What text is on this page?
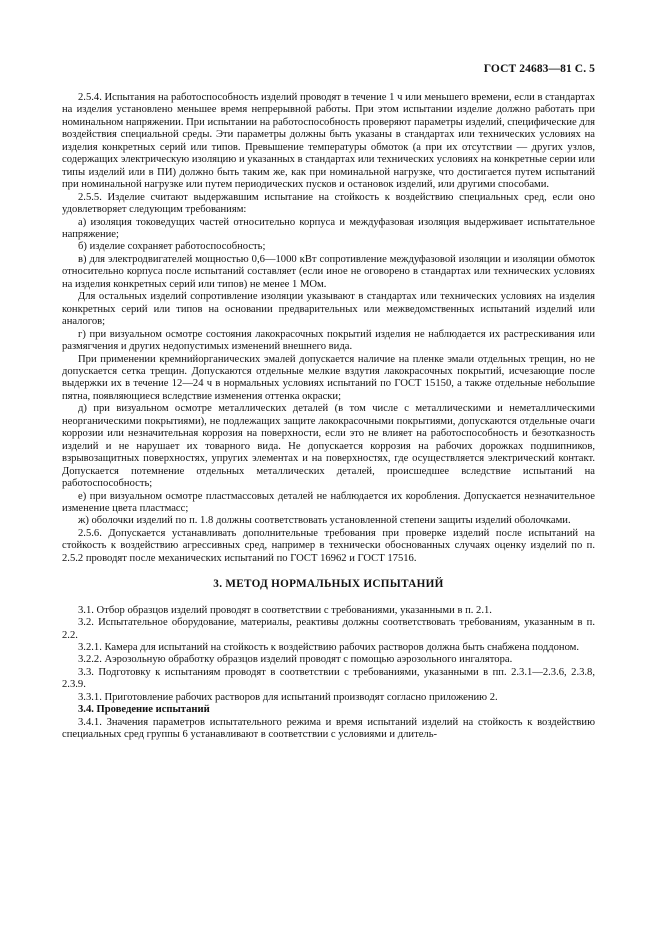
ГОСТ 24683—81 С. 5

2.5.4. Испытания на работоспособность изделий проводят в течение 1 ч или меньшего времени, если в стандартах на изделия установлено меньшее время непрерывной работы. При этом испытании изделие должно работать при номинальном напряжении. При испытании на работоспособность проверяют параметры изделий, специфические для воздействия специальной среды. Эти параметры должны быть указаны в стандартах или технических условиях на изделия конкретных серий или типов. Превышение температуры обмоток (а при их отсутствии — других узлов, содержащих электрическую изоляцию и указанных в стандартах или технических условиях на конкретные серии или типы изделий или в ПИ) должно быть таким же, как при номинальной нагрузке, что достигается путем испытаний при номинальной нагрузке или путем периодических пусков и остановок изделий, или другими способами.

2.5.5. Изделие считают выдержавшим испытание на стойкость к воздействию специальных сред, если оно удовлетворяет следующим требованиям:

а) изоляция токоведущих частей относительно корпуса и междуфазовая изоляция выдерживает испытательное напряжение;

б) изделие сохраняет работоспособность;

в) для электродвигателей мощностью 0,6—1000 кВт сопротивление междуфазовой изоляции и изоляции обмоток относительно корпуса после испытаний составляет (если иное не оговорено в стандартах или технических условиях на изделия конкретных серий или типов) не менее 1 МОм.

Для остальных изделий сопротивление изоляции указывают в стандартах или технических условиях на изделия конкретных серий или типов на основании предварительных или межведомственных испытаний изделий или аналогов;

г) при визуальном осмотре состояния лакокрасочных покрытий изделия не наблюдается их растрескивания или размягчения и других недопустимых изменений внешнего вида.

При применении кремнийорганических эмалей допускается наличие на пленке эмали отдельных трещин, но не допускается сетка трещин. Допускаются отдельные мелкие вздутия лакокрасочных покрытий, исчезающие после выдержки их в течение 12—24 ч в нормальных условиях испытаний по ГОСТ 15150, а также отдельные небольшие пятна, появляющиеся вследствие изменения оттенка окраски;

д) при визуальном осмотре металлических деталей (в том числе с металлическими и неметаллическими неорганическими покрытиями), не подлежащих защите лакокрасочными покрытиями, допускаются отдельные очаги коррозии или незначительная коррозия на поверхности, если это не влияет на работоспособность и безотказность изделий и не нарушает их товарного вида. Не допускается коррозия на рабочих дорожках подшипников, взрывозащитных поверхностях, упругих элементах и на поверхностях, где осуществляется электрический контакт. Допускается потемнение отдельных металлических деталей, происшедшее вследствие испытаний на работоспособность;

е) при визуальном осмотре пластмассовых деталей не наблюдается их коробления. Допускается незначительное изменение цвета пластмасс;

ж) оболочки изделий по п. 1.8 должны соответствовать установленной степени защиты изделий оболочками.

2.5.6. Допускается устанавливать дополнительные требования при проверке изделий после испытаний на стойкость к воздействию агрессивных сред, например в технически обоснованных случаях оценку изделий по п. 2.5.2 проводят после механических испытаний по ГОСТ 16962 и ГОСТ 17516.

3. МЕТОД НОРМАЛЬНЫХ ИСПЫТАНИЙ

3.1. Отбор образцов изделий проводят в соответствии с требованиями, указанными в п. 2.1.

3.2. Испытательное оборудование, материалы, реактивы должны соответствовать требованиям, указанным в п. 2.2.

3.2.1. Камера для испытаний на стойкость к воздействию рабочих растворов должна быть снабжена поддоном.

3.2.2. Аэрозольную обработку образцов изделий проводят с помощью аэрозольного ингалятора.

3.3. Подготовку к испытаниям проводят в соответствии с требованиями, указанными в пп. 2.3.1—2.3.6, 2.3.8, 2.3.9.

3.3.1. Приготовление рабочих растворов для испытаний производят согласно приложению 2.

3.4. Проведение испытаний

3.4.1. Значения параметров испытательного режима и время испытаний изделий на стойкость к воздействию специальных сред группы 6 устанавливают в соответствии с условиями и длитель-
